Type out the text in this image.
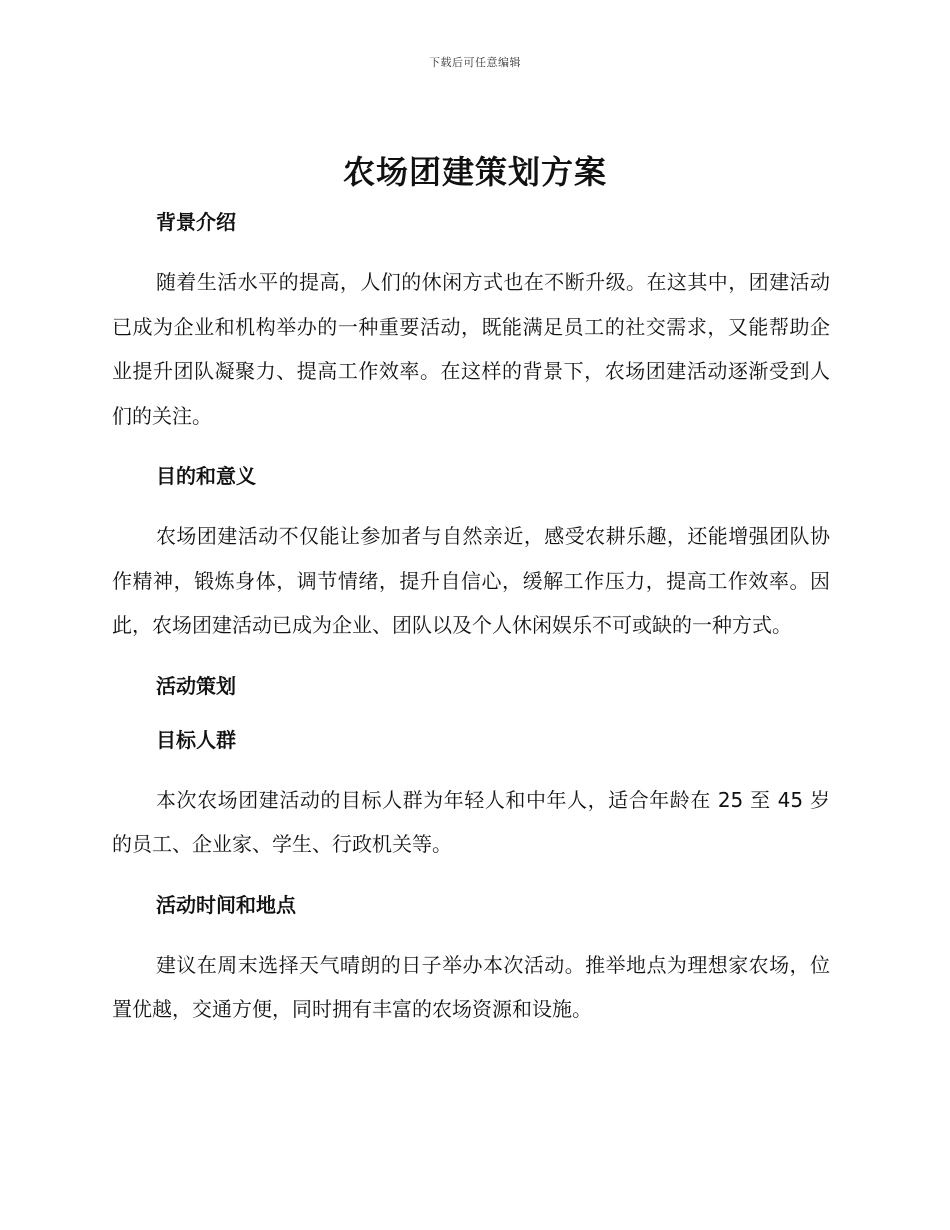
下载后可任意编辑
农场团建策划方案
背景介绍

随着生活水平的提高，人们的休闲方式也在不断升级。在这其中，团建活动已成为企业和机构举办的一种重要活动，既能满足员工的社交需求，又能帮助企业提升团队凝聚力、提高工作效率。在这样的背景下，农场团建活动逐渐受到人们的关注。

目的和意义

农场团建活动不仅能让参加者与自然亲近，感受农耕乐趣，还能增强团队协作精神，锻炼身体，调节情绪，提升自信心，缓解工作压力，提高工作效率。因此，农场团建活动已成为企业、团队以及个人休闲娱乐不可或缺的一种方式。

活动策划
目标人群

本次农场团建活动的目标人群为年轻人和中年人，适合年龄在 25 至 45 岁的员工、企业家、学生、行政机关等。

活动时间和地点

建议在周末选择天气晴朗的日子举办本次活动。推举地点为理想家农场，位置优越，交通方便，同时拥有丰富的农场资源和设施。
